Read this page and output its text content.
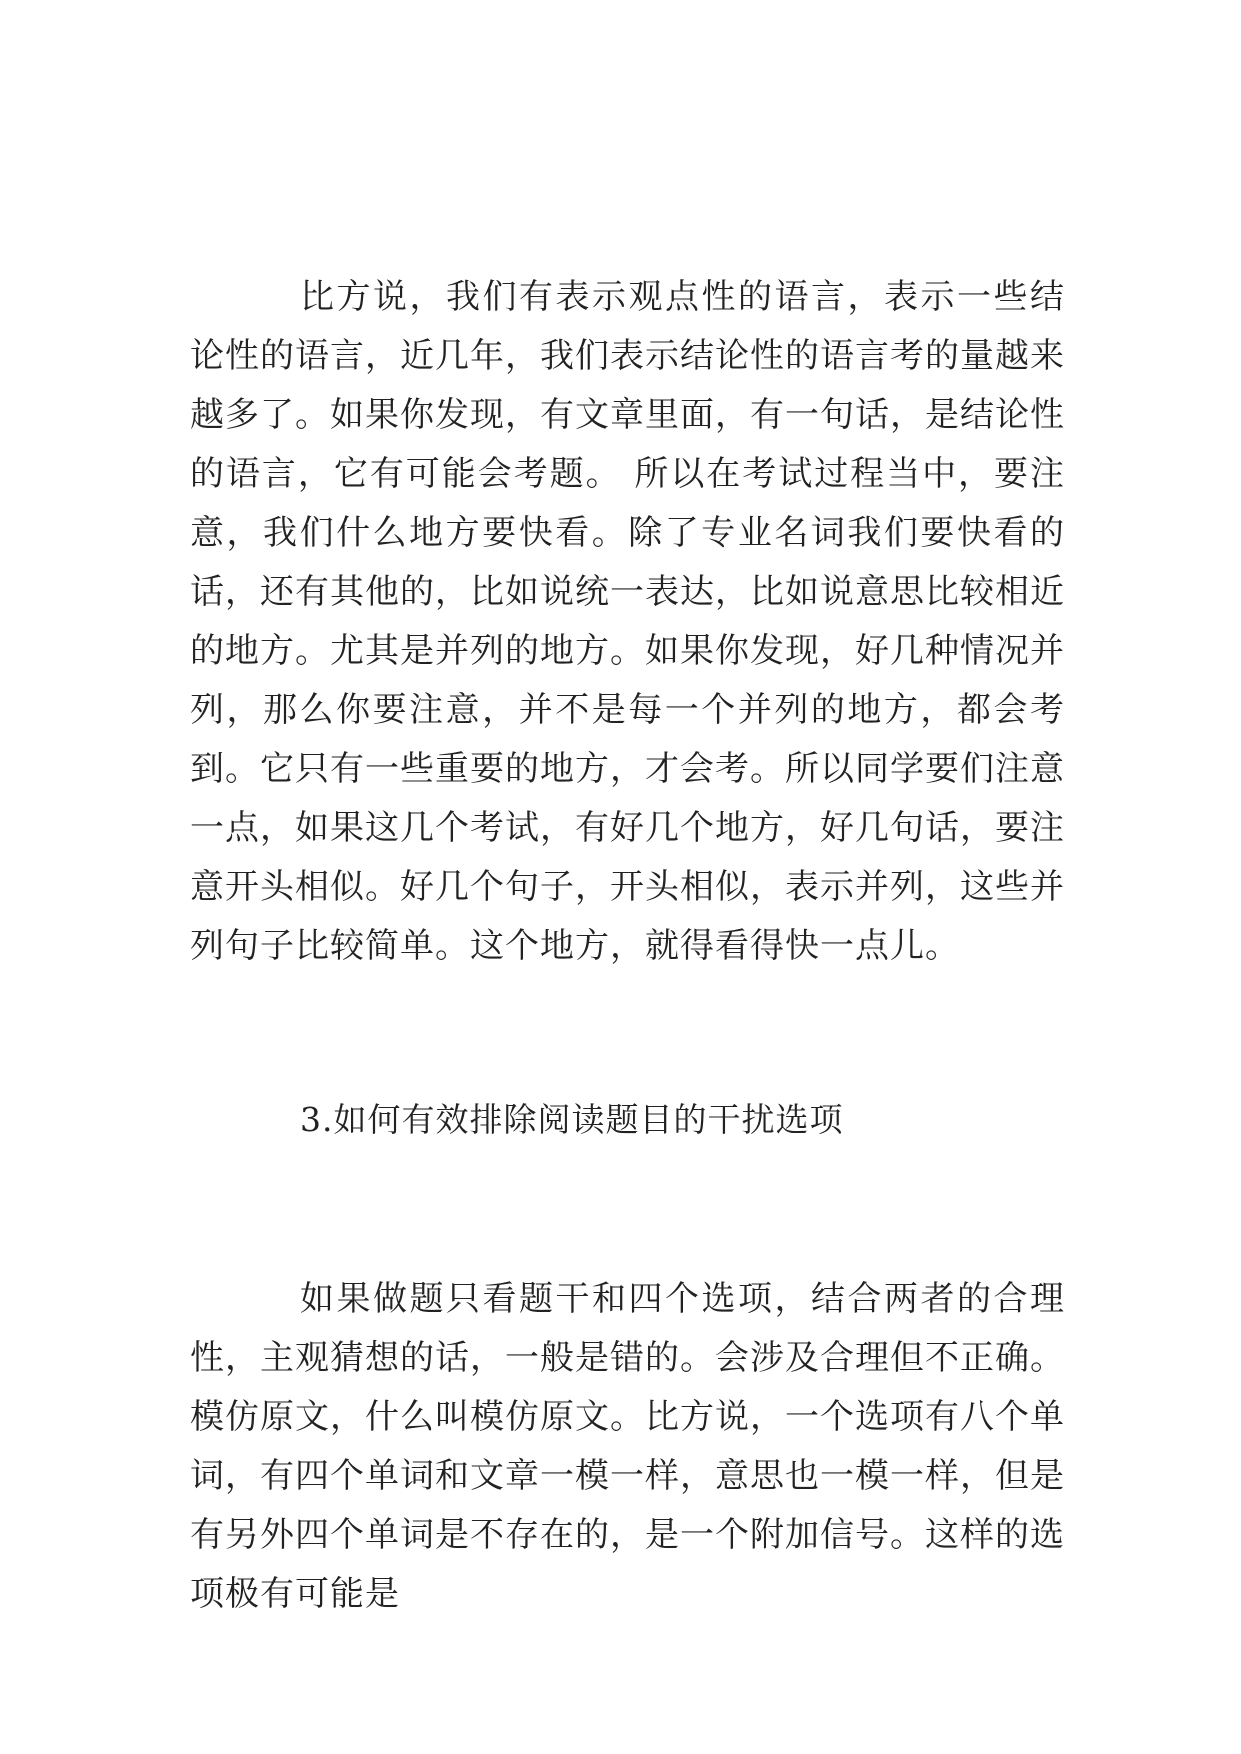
比方说，我们有表示观点性的语言，表示一些结论性的语言，近几年，我们表示结论性的语言考的量越来越多了。如果你发现，有文章里面，有一句话，是结论性的语言，它有可能会考题。 所以在考试过程当中，要注意，我们什么地方要快看。除了专业名词我们要快看的话，还有其他的，比如说统一表达，比如说意思比较相近的地方。尤其是并列的地方。如果你发现，好几种情况并列，那么你要注意，并不是每一个并列的地方，都会考到。它只有一些重要的地方，才会考。所以同学要们注意一点，如果这几个考试，有好几个地方，好几句话，要注意开头相似。好几个句子，开头相似，表示并列，这些并列句子比较简单。这个地方，就得看得快一点儿。

3.如何有效排除阅读题目的干扰选项

如果做题只看题干和四个选项，结合两者的合理性，主观猜想的话，一般是错的。会涉及合理但不正确。模仿原文，什么叫模仿原文。比方说，一个选项有八个单词，有四个单词和文章一模一样，意思也一模一样，但是有另外四个单词是不存在的，是一个附加信号。这样的选项极有可能是
